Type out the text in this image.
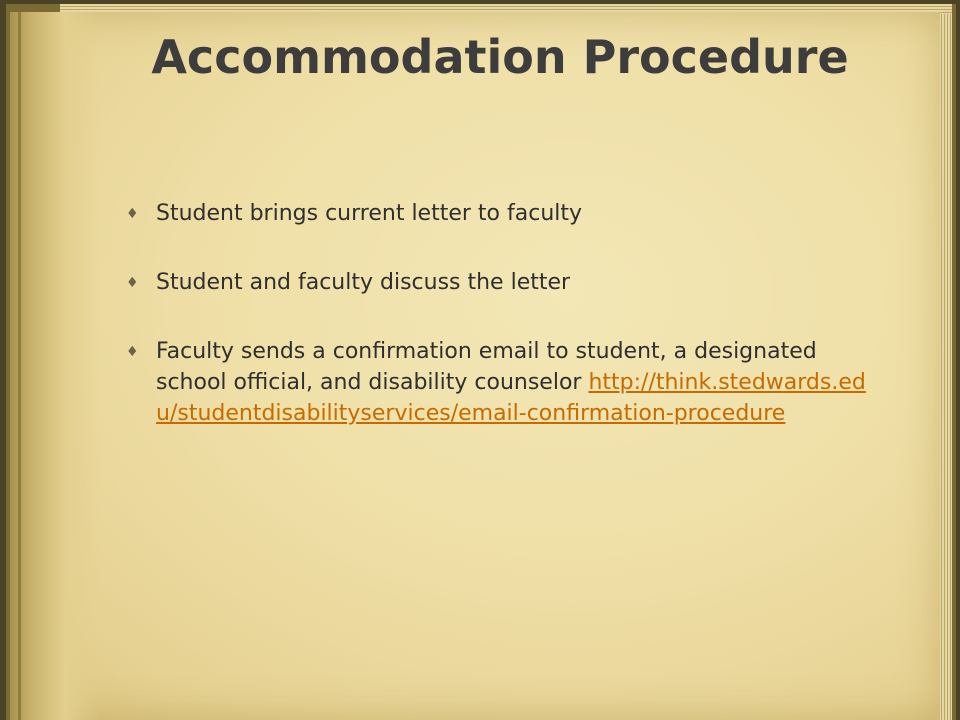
Accommodation Procedure
♦ Student brings current letter to faculty
♦ Student and faculty discuss the letter
♦ Faculty sends a confirmation email to student, a designated school official, and disability counselor http://think.stedwards.edu/studentdisabilityservices/email-confirmation-procedure
